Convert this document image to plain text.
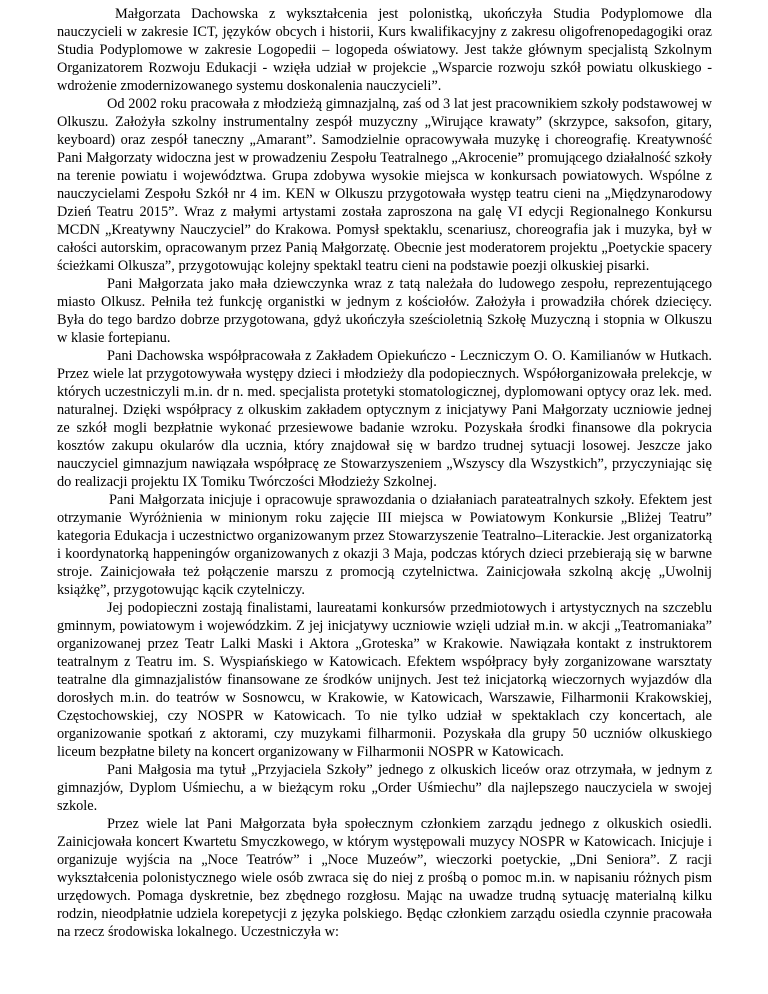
Małgorzata Dachowska z wykształcenia jest polonistką, ukończyła Studia Podyplomowe dla nauczycieli w zakresie ICT, języków obcych i historii, Kurs kwalifikacyjny z zakresu oligofrenopedagogiki oraz Studia Podyplomowe w zakresie Logopedii – logopeda oświatowy. Jest także głównym specjalistą Szkolnym Organizatorem Rozwoju Edukacji - wzięła udział w projekcie „Wsparcie rozwoju szkół powiatu olkuskiego - wdrożenie zmodernizowanego systemu doskonalenia nauczycieli”.

Od 2002 roku pracowała z młodzieżą gimnazjalną, zaś od 3 lat jest pracownikiem szkoły podstawowej w Olkuszu. Założyła szkolny instrumentalny zespół muzyczny „Wirujące krawaty” (skrzypce, saksofon, gitary, keyboard) oraz zespół taneczny „Amarant”. Samodzielnie opracowywała muzykę i choreografię. Kreatywność Pani Małgorzaty widoczna jest w prowadzeniu Zespołu Teatralnego „Akrocenie” promującego działalność szkoły na terenie powiatu i województwa. Grupa zdobywa wysokie miejsca w konkursach powiatowych. Wspólne z nauczycielami Zespołu Szkół nr 4 im. KEN w Olkuszu przygotowała występ teatru cieni na „Międzynarodowy Dzień Teatru 2015”. Wraz z małymi artystami została zaproszona na galę VI edycji Regionalnego Konkursu MCDN „Kreatywny Nauczyciel” do Krakowa. Pomysł spektaklu, scenariusz, choreografia jak i muzyka, był w całości autorskim, opracowanym przez Panią Małgorzatę. Obecnie jest moderatorem projektu „Poetyckie spacery ścieżkami Olkusza”, przygotowując kolejny spektakl teatru cieni na podstawie poezji olkuskiej pisarki.

Pani Małgorzata jako mała dziewczynka wraz z tatą należała do ludowego zespołu, reprezentującego miasto Olkusz. Pełniła też funkcję organistki w jednym z kościołów. Założyła i prowadziła chórek dziecięcy. Była do tego bardzo dobrze przygotowana, gdyż ukończyła sześcioletnią Szkołę Muzyczną i stopnia w Olkuszu w klasie fortepianu.

Pani Dachowska współpracowała z Zakładem Opiekuńczo - Leczniczym O. O. Kamilianów w Hutkach. Przez wiele lat przygotowywała występy dzieci i młodzieży dla podopiecznych. Współorganizowała prelekcje, w których uczestniczyli m.in. dr n. med. specjalista protetyki stomatologicznej, dyplomowani optycy oraz lek. med. naturalnej. Dzięki współpracy z olkuskim zakładem optycznym z inicjatywy Pani Małgorzaty uczniowie jednej ze szkół mogli bezpłatnie wykonać przesiewowe badanie wzroku. Pozyskała środki finansowe dla pokrycia kosztów zakupu okularów dla ucznia, który znajdował się w bardzo trudnej sytuacji losowej. Jeszcze jako nauczyciel gimnazjum nawiązała współpracę ze Stowarzyszeniem „Wszyscy dla Wszystkich”, przyczyniając się do realizacji projektu IX Tomiku Twórczości Młodzieży Szkolnej.

Pani Małgorzata inicjuje i opracowuje sprawozdania o działaniach parateatralnych szkoły. Efektem jest otrzymanie Wyróżnienia w minionym roku zajęcie III miejsca w Powiatowym Konkursie „Bliżej Teatru” kategoria Edukacja i uczestnictwo organizowanym przez Stowarzyszenie Teatralno–Literackie. Jest organizatorką i koordynatorką happeningów organizowanych z okazji 3 Maja, podczas których dzieci przebierają się w barwne stroje. Zainicjowała też połączenie marszu z promocją czytelnictwa. Zainicjowała szkolną akcję „Uwolnij książkę”, przygotowując kącik czytelniczy.

Jej podopieczni zostają finalistami, laureatami konkursów przedmiotowych i artystycznych na szczeblu gminnym, powiatowym i wojewódzkim. Z jej inicjatywy uczniowie wzięli udział m.in. w akcji „Teatromaniaka” organizowanej przez Teatr Lalki Maski i Aktora „Groteska” w Krakowie. Nawiązała kontakt z instruktorem teatralnym z Teatru im. S. Wyspiańskiego w Katowicach. Efektem współpracy były zorganizowane warsztaty teatralne dla gimnazjalistów finansowane ze środków unijnych. Jest też inicjatorką wieczornych wyjazdów dla dorosłych m.in. do teatrów w Sosnowcu, w Krakowie, w Katowicach, Warszawie, Filharmonii Krakowskiej, Częstochowskiej, czy NOSPR w Katowicach. To nie tylko udział w spektaklach czy koncertach, ale organizowanie spotkań z aktorami, czy muzykami filharmonii. Pozyskała dla grupy 50 uczniów olkuskiego liceum bezpłatne bilety na koncert organizowany w Filharmonii NOSPR w Katowicach.

Pani Małgosia ma tytuł „Przyjaciela Szkoły” jednego z olkuskich liceów oraz otrzymała, w jednym z gimnazjów, Dyplom Uśmiechu, a w bieżącym roku „Order Uśmiechu” dla najlepszego nauczyciela w swojej szkole.

Przez wiele lat Pani Małgorzata była społecznym członkiem zarządu jednego z olkuskich osiedli. Zainicjowała koncert Kwartetu Smyczkowego, w którym występowali muzycy NOSPR w Katowicach. Inicjuje i organizuje wyjścia na „Noce Teatrów” i „Noce Muzeów”, wieczorki poetyckie, „Dni Seniora”. Z racji wykształcenia polonistycznego wiele osób zwraca się do niej z prośbą o pomoc m.in. w napisaniu różnych pism urzędowych. Pomaga dyskretnie, bez zbędnego rozgłosu. Mając na uwadze trudną sytuację materialną kilku rodzin, nieodpłatnie udziela korepetycji z języka polskiego. Będąc członkiem zarządu osiedla czynnie pracowała na rzecz środowiska lokalnego. Uczestniczyła w:
